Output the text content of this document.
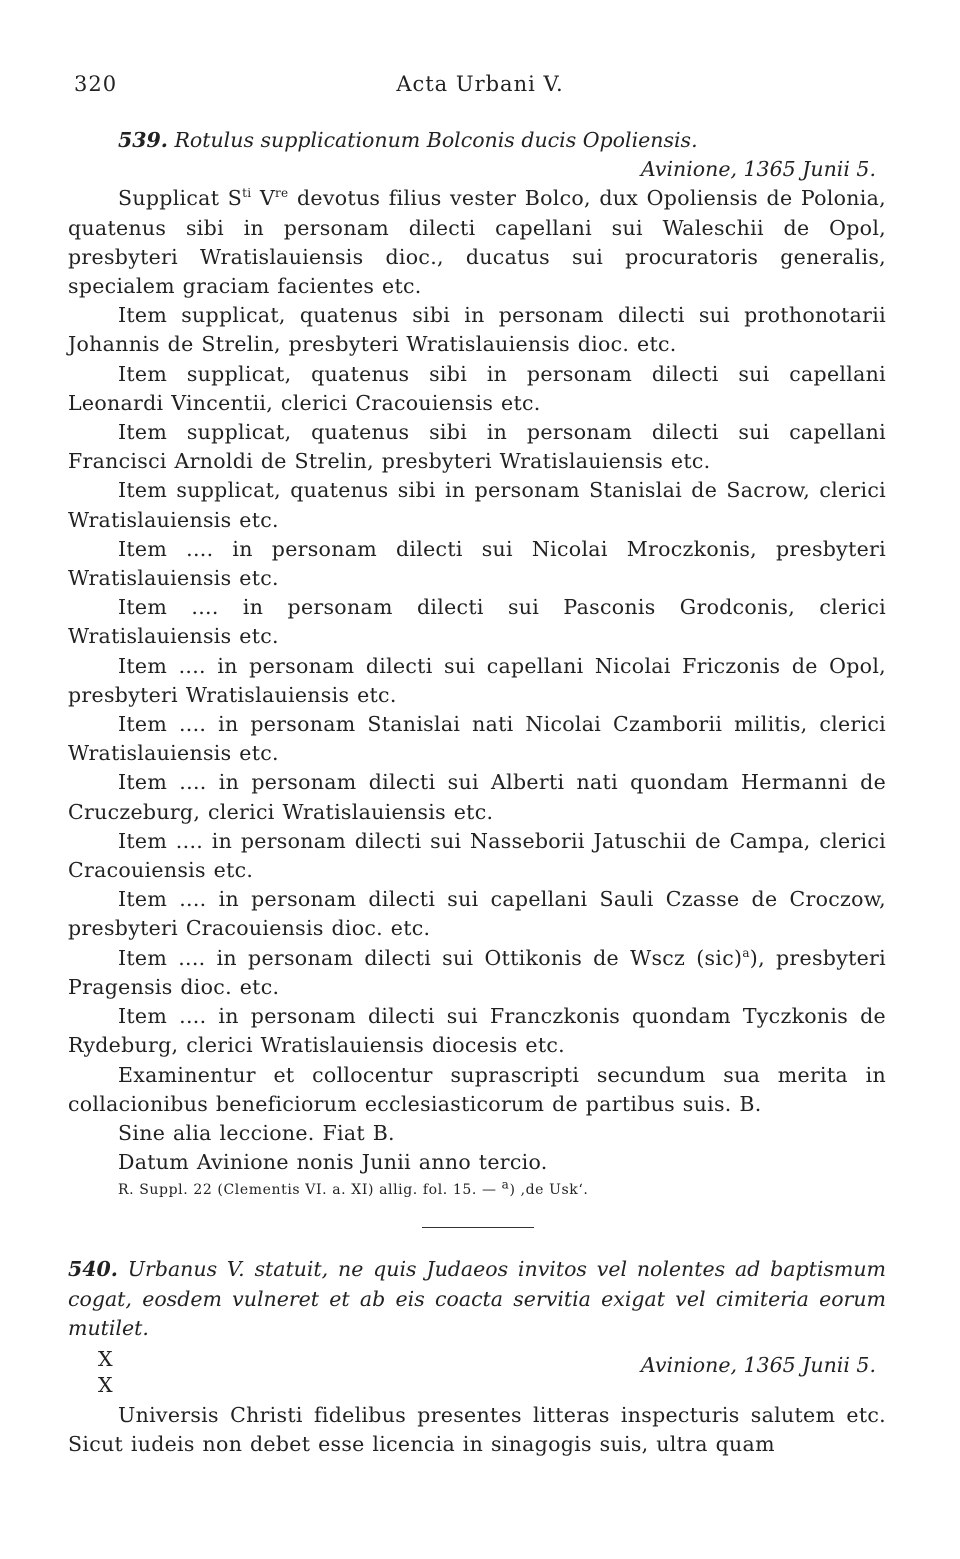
320	Acta Urbani V.

539. Rotulus supplicationum Bolconis ducis Opoliensis.

Avinione, 1365 Junii 5.

Supplicat $S^{ti}$ Vre devotus filius vester Bolco, dux Opoliensis de Polonia, quatenus sibi in personam dilecti capellani sui Waleschii de Opol, presbyteri Wratislauiensis dioc., ducatus sui procuratoris generalis, specialem graciam facientes etc.

Item supplicat, quatenus sibi in personam dilecti sui prothonotarii Johannis de Strelin, presbyteri Wratislauiensis dioc. etc.

Item supplicat, quatenus sibi in personam dilecti sui capellani Leonardi Vincentii, clerici Cracouiensis etc.

Item supplicat, quatenus sibi in personam dilecti sui capellani Francisci Arnoldi de Strelin, presbyteri Wratislauiensis etc.

Item supplicat, quatenus sibi in personam Stanislai de Sacrow, clerici Wratislauiensis etc.

Item .... in personam dilecti sui Nicolai Mroczkonis, presbyteri Wratislauiensis etc.

Item .... in personam dilecti sui Pasconis Grodconis, clerici Wratislauiensis etc.

Item .... in personam dilecti sui capellani Nicolai Friczonis de Opol, presbyteri Wratislauiensis etc.

Item .... in personam Stanislai nati Nicolai Czamborii militis, clerici Wratislauiensis etc.

Item .... in personam dilecti sui Alberti nati quondam Hermanni de Cruczeburg, clerici Wratislauiensis etc.

Item .... in personam dilecti sui Nasseborii Jatuschii de Campa, clerici Cracouiensis etc.

Item .... in personam dilecti sui capellani Sauli Czasse de Croczow, presbyteri Cracouiensis dioc. etc.

Item .... in personam dilecti sui Ottikonis de Wscz (sic)$^a$), presbyteri Pragensis dioc. etc.

Item .... in personam dilecti sui Franczkonis quondam Tyczkonis de Rydeburg, clerici Wratislauiensis diocesis etc.

Examinentur et collocentur suprascripti secundum sua merita in collacionibus beneficiorum ecclesiasticorum de partibus suis. B.

Sine alia leccione. Fiat B.

Datum Avinione nonis Junii anno tercio.

R. Suppl. 22 (Clementis VI. a. XI) allig. fol. 15. — a) ‚de Usk‘.

540. Urbanus V. statuit, ne quis Judaeos invitos vel nolentes ad baptismum cogat, eosdem vulneret et ab eis coacta servitia exigat vel cimiteria eorum mutilet.

X
X
Avinione, 1365 Junii 5.

Universis Christi fidelibus presentes litteras inspecturis salutem etc. Sicut iudeis non debet esse licencia in sinagogis suis, ultra quam
